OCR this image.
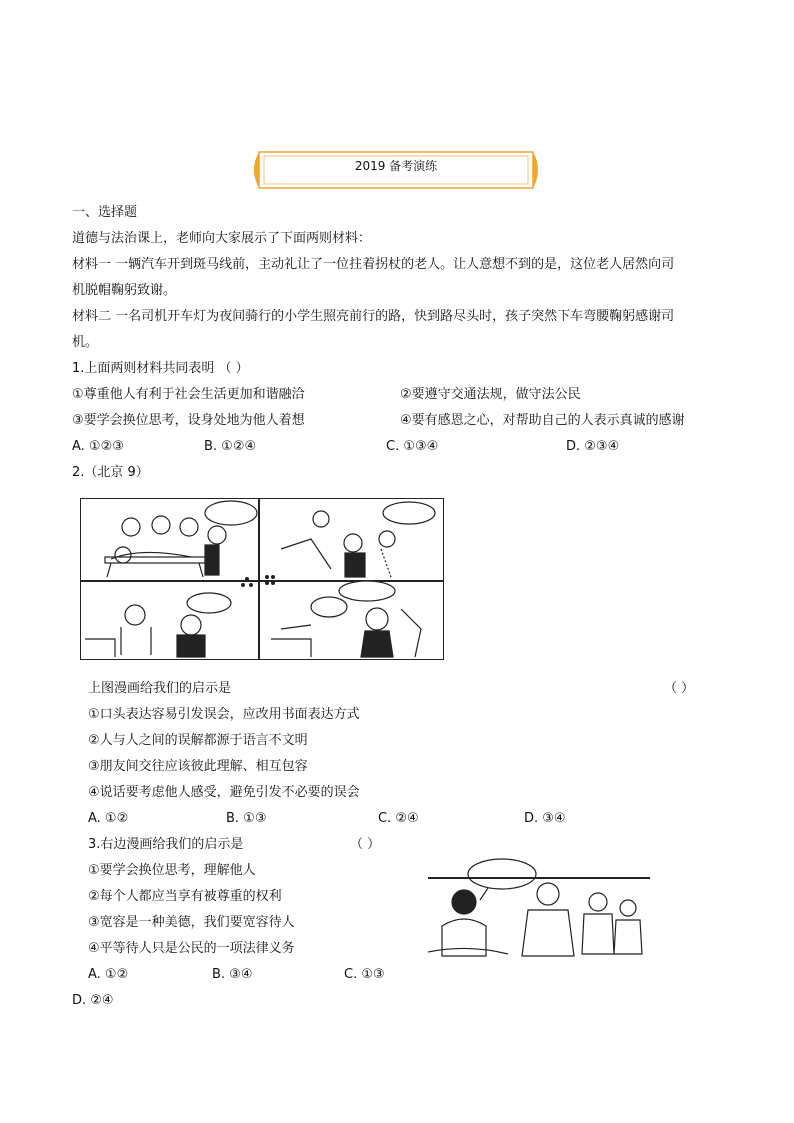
2019 备考演练
一、选择题
道德与法治课上，老师向大家展示了下面两则材料：
材料一 一辆汽车开到斑马线前，主动礼让了一位拄着拐杖的老人。让人意想不到的是，这位老人居然向司
机脱帽鞠躬致谢。
材料二 一名司机开车灯为夜间骑行的小学生照亮前行的路，快到路尽头时，孩子突然下车弯腰鞠躬感谢司
机。
1.上面两则材料共同表明 （ ）
①尊重他人有利于社会生活更加和谐融洽	②要遵守交通法规，做守法公民
③要学会换位思考，设身处地为他人着想	④要有感恩之心，对帮助自己的人表示真诚的感谢
A. ①②③	B. ①②④	C. ①③④	D. ②③④
2.（北京 9）
上图漫画给我们的启示是	（ ）
①口头表达容易引发误会，应改用书面表达方式
②人与人之间的误解都源于语言不文明
③朋友间交往应该彼此理解、相互包容
④说话要考虑他人感受，避免引发不必要的误会
A. ①②	B. ①③	C. ②④	D. ③④
3.右边漫画给我们的启示是	（ ）
①要学会换位思考，理解他人
②每个人都应当享有被尊重的权利
③宽容是一种美德，我们要宽容待人
④平等待人只是公民的一项法律义务
A. ①②	B. ③④	C. ①③
D. ②④
